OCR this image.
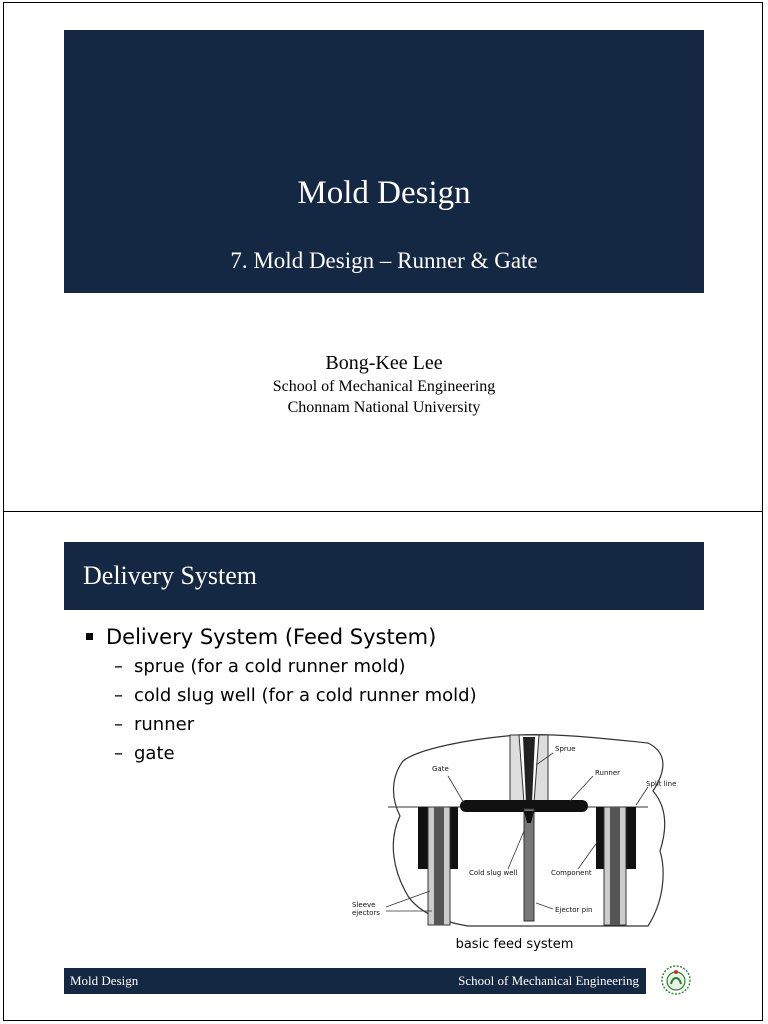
Mold Design
7. Mold Design – Runner & Gate
Bong-Kee Lee
School of Mechanical Engineering
Chonnam National University
Delivery System
Delivery System (Feed System)
– sprue (for a cold runner mold)
– cold slug well (for a cold runner mold)
– runner
– gate	Sprue
Gate	Runner
Split line
Cold slug well	Component
Sleeve
ejectors	Ejector pin
basic feed system
Mold Design	School of Mechanical Engineering
